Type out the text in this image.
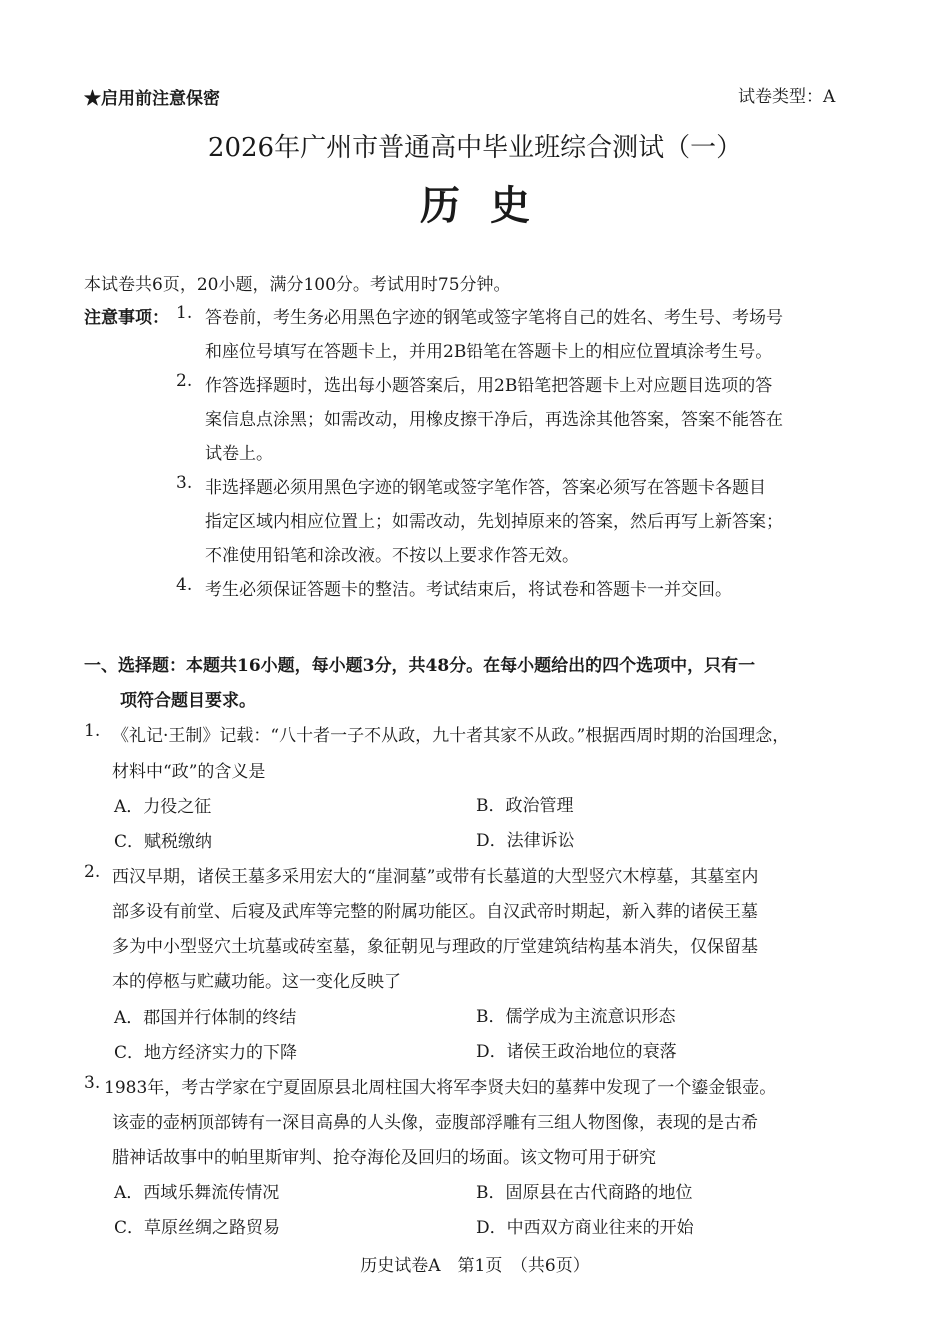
★启用前注意保密	试卷类型：A
2026年广州市普通高中毕业班综合测试（一）
历史
本试卷共6页，20小题，满分100分。考试用时75分钟。
注意事项： 1. 答卷前，考生务必用黑色字迹的钢笔或签字笔将自己的姓名、考生号、考场号
和座位号填写在答题卡上，并用2B铅笔在答题卡上的相应位置填涂考生号。
2. 作答选择题时，选出每小题答案后，用2B铅笔把答题卡上对应题目选项的答
案信息点涂黑；如需改动，用橡皮擦干净后，再选涂其他答案，答案不能答在
试卷上。
3. 非选择题必须用黑色字迹的钢笔或签字笔作答，答案必须写在答题卡各题目
指定区域内相应位置上；如需改动，先划掉原来的答案，然后再写上新答案；
不准使用铅笔和涂改液。不按以上要求作答无效。
4. 考生必须保证答题卡的整洁。考试结束后，将试卷和答题卡一并交回。
一、选择题：本题共16小题，每小题3分，共48分。在每小题给出的四个选项中，只有一
项符合题目要求。
1. 《礼记·王制》记载：“八十者一子不从政，九十者其家不从政。”根据西周时期的治国理念，
材料中“政”的含义是
A．力役之征	B．政治管理
C．赋税缴纳	D．法律诉讼
2. 西汉早期，诸侯王墓多采用宏大的“崖洞墓”或带有长墓道的大型竖穴木椁墓，其墓室内
部多设有前堂、后寝及武库等完整的附属功能区。自汉武帝时期起，新入葬的诸侯王墓
多为中小型竖穴土坑墓或砖室墓，象征朝见与理政的厅堂建筑结构基本消失，仅保留基
本的停柩与贮藏功能。这一变化反映了
A．郡国并行体制的终结	B．儒学成为主流意识形态
C．地方经济实力的下降	D．诸侯王政治地位的衰落
3. 1983年，考古学家在宁夏固原县北周柱国大将军李贤夫妇的墓葬中发现了一个鎏金银壶。
该壶的壶柄顶部铸有一深目高鼻的人头像，壶腹部浮雕有三组人物图像，表现的是古希
腊神话故事中的帕里斯审判、抢夺海伦及回归的场面。该文物可用于研究
A．西域乐舞流传情况	B．固原县在古代商路的地位
C．草原丝绸之路贸易	D．中西双方商业往来的开始
历史试卷A　第1页　（共6页）
